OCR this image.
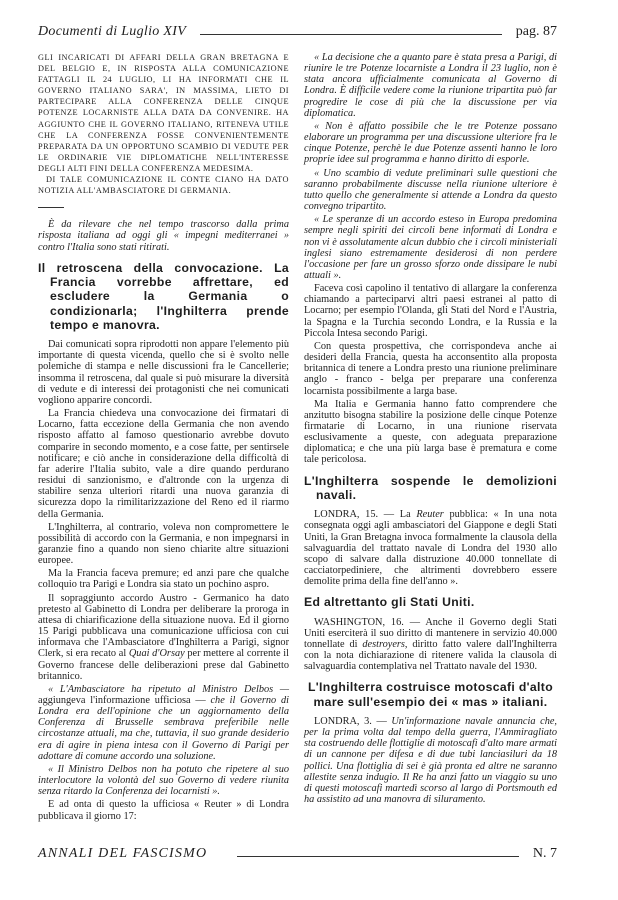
Documenti di Luglio XIV	pag. 87

GLI INCARICATI DI AFFARI DELLA GRAN BRETAGNA E DEL BELGIO E, IN RISPOSTA ALLA COMUNICAZIONE FATTAGLI IL 24 LUGLIO, LI HA INFORMATI CHE IL GOVERNO ITALIANO SARA', IN MASSIMA, LIETO DI PARTECIPARE ALLA CONFERENZA DELLE CINQUE POTENZE LOCARNISTE ALLA DATA DA CONVENIRE. HA AGGIUNTO CHE IL GOVERNO ITALIANO, RITENEVA UTILE CHE LA CONFERENZA FOSSE CONVENIENTEMENTE PREPARATA DA UN OPPORTUNO SCAMBIO DI VEDUTE PER LE ORDINARIE VIE DIPLOMATICHE NELL'INTERESSE DEGLI ALTI FINI DELLA CONFERENZA MEDESIMA.

DI TALE COMUNICAZIONE IL CONTE CIANO HA DATO NOTIZIA ALL'AMBASCIATORE DI GERMANIA.

È da rilevare che nel tempo trascorso dalla prima risposta italiana ad oggi gli « impegni mediterranei » contro l'Italia sono stati ritirati.

Il retroscena della convocazione. La Francia vorrebbe affrettare, ed escludere la Germania o condizionarla; l'Inghilterra prende tempo e manovra.

Dai comunicati sopra riprodotti non appare l'elemento più importante di questa vicenda, quello che si è svolto nelle polemiche di stampa e nelle discussioni fra le Cancellerie; insomma il retroscena, dal quale si può misurare la diversità di vedute e di interessi dei protagonisti che nei comunicati vogliono apparire concordi.

La Francia chiedeva una convocazione dei firmatari di Locarno, fatta eccezione della Germania che non avendo risposto affatto al famoso questionario avrebbe dovuto comparire in secondo momento, e a cose fatte, per sentirsele notificare; e ciò anche in considerazione della difficoltà di far aderire l'Italia subito, vale a dire quando perdurano residui di sanzionismo, e d'altronde con la urgenza di stabilire senza ulteriori ritardi una nuova garanzia di sicurezza dopo la rimilitarizzazione del Reno ed il riarmo della Germania.

L'Inghilterra, al contrario, voleva non compromettere le possibilità di accordo con la Germania, e non impegnarsi in garanzie fino a quando non sieno chiarite altre situazioni europee.

Ma la Francia faceva premure; ed anzi pare che qualche colloquio tra Parigi e Londra sia stato un pochino aspro.

Il sopraggiunto accordo Austro - Germanico ha dato pretesto al Gabinetto di Londra per deliberare la proroga in attesa di chiarificazione della situazione nuova. Ed il giorno 15 Parigi pubblicava una comunicazione ufficiosa con cui informava che l'Ambasciatore d'Inghilterra a Parigi, signor Clerk, si era recato al Quai d'Orsay per mettere al corrente il Governo francese delle deliberazioni prese dal Gabinetto britannico.

« L'Ambasciatore ha ripetuto al Ministro Delbos — aggiungeva l'informazione ufficiosa — che il Governo di Londra era dell'opinione che un aggiornamento della Conferenza di Brusselle sembrava preferibile nelle circostanze attuali, ma che, tuttavia, il suo grande desiderio era di agire in piena intesa con il Governo di Parigi per adottare di comune accordo una soluzione.

« Il Ministro Delbos non ha potuto che ripetere al suo interlocutore la volontà del suo Governo di vedere riunita senza ritardo la Conferenza dei locarnisti ».

E ad onta di questo la ufficiosa « Reuter » di Londra pubblicava il giorno 17:

« La decisione che a quanto pare è stata presa a Parigi, di riunire le tre Potenze locarniste a Londra il 23 luglio, non è stata ancora ufficialmente comunicata al Governo di Londra. È difficile vedere come la riunione tripartita può far progredire le cose di più che la discussione per via diplomatica.

« Non è affatto possibile che le tre Potenze possano elaborare un programma per una discussione ulteriore fra le cinque Potenze, perchè le due Potenze assenti hanno le loro proprie idee sul programma e hanno diritto di esporle.

« Uno scambio di vedute preliminari sulle questioni che saranno probabilmente discusse nella riunione ulteriore è tutto quello che generalmente si attende a Londra da questo convegno tripartito.

« Le speranze di un accordo esteso in Europa predomina sempre negli spiriti dei circoli bene informati di Londra e non vi è assolutamente alcun dubbio che i circoli ministeriali inglesi siano estremamente desiderosi di non perdere l'occasione per fare un grosso sforzo onde dissipare le nubi attuali ».

Faceva così capolino il tentativo di allargare la conferenza chiamando a parteciparvi altri paesi estranei al patto di Locarno; per esempio l'Olanda, gli Stati del Nord e l'Austria, la Spagna e la Turchia secondo Londra, e la Russia e la Piccola Intesa secondo Parigi.

Con questa prospettiva, che corrispondeva anche ai desideri della Francia, questa ha acconsentito alla proposta britannica di tenere a Londra presto una riunione preliminare anglo - franco - belga per preparare una conferenza locarnista possibilmente a larga base.

Ma Italia e Germania hanno fatto comprendere che anzitutto bisogna stabilire la posizione delle cinque Potenze firmatarie di Locarno, in una riunione riservata esclusivamente a queste, con adeguata preparazione diplomatica; e che una più larga base è prematura e come tale pericolosa.

L'Inghilterra sospende le demolizioni navali.

LONDRA, 15. — La Reuter pubblica: « In una nota consegnata oggi agli ambasciatori del Giappone e degli Stati Uniti, la Gran Bretagna invoca formalmente la clausola della salvaguardia del trattato navale di Londra del 1930 allo scopo di salvare dalla distruzione 40.000 tonnellate di cacciatorpediniere, che altrimenti dovrebbero essere demolite prima della fine dell'anno ».

Ed altrettanto gli Stati Uniti.

WASHINGTON, 16. — Anche il Governo degli Stati Uniti eserciterà il suo diritto di mantenere in servizio 40.000 tonnellate di destroyers, diritto fatto valere dall'Inghilterra con la nota dichiarazione di ritenere valida la clausola di salvaguardia contemplativa nel Trattato navale del 1930.

L'Inghilterra costruisce motoscafi d'alto mare sull'esempio dei « mas » italiani.

LONDRA, 3. — Un'informazione navale annuncia che, per la prima volta dal tempo della guerra, l'Ammiragliato sta costruendo delle flottiglie di motoscafi d'alto mare armati di un cannone per difesa e di due tubi lanciasiluri da 18 pollici. Una flottiglia di sei è già pronta ed altre ne saranno allestite senza indugio. Il Re ha anzi fatto un viaggio su uno di questi motoscafi martedì scorso al largo di Portsmouth ed ha assistito ad una manovra di siluramento.

ANNALI DEL FASCISMO	N. 7
